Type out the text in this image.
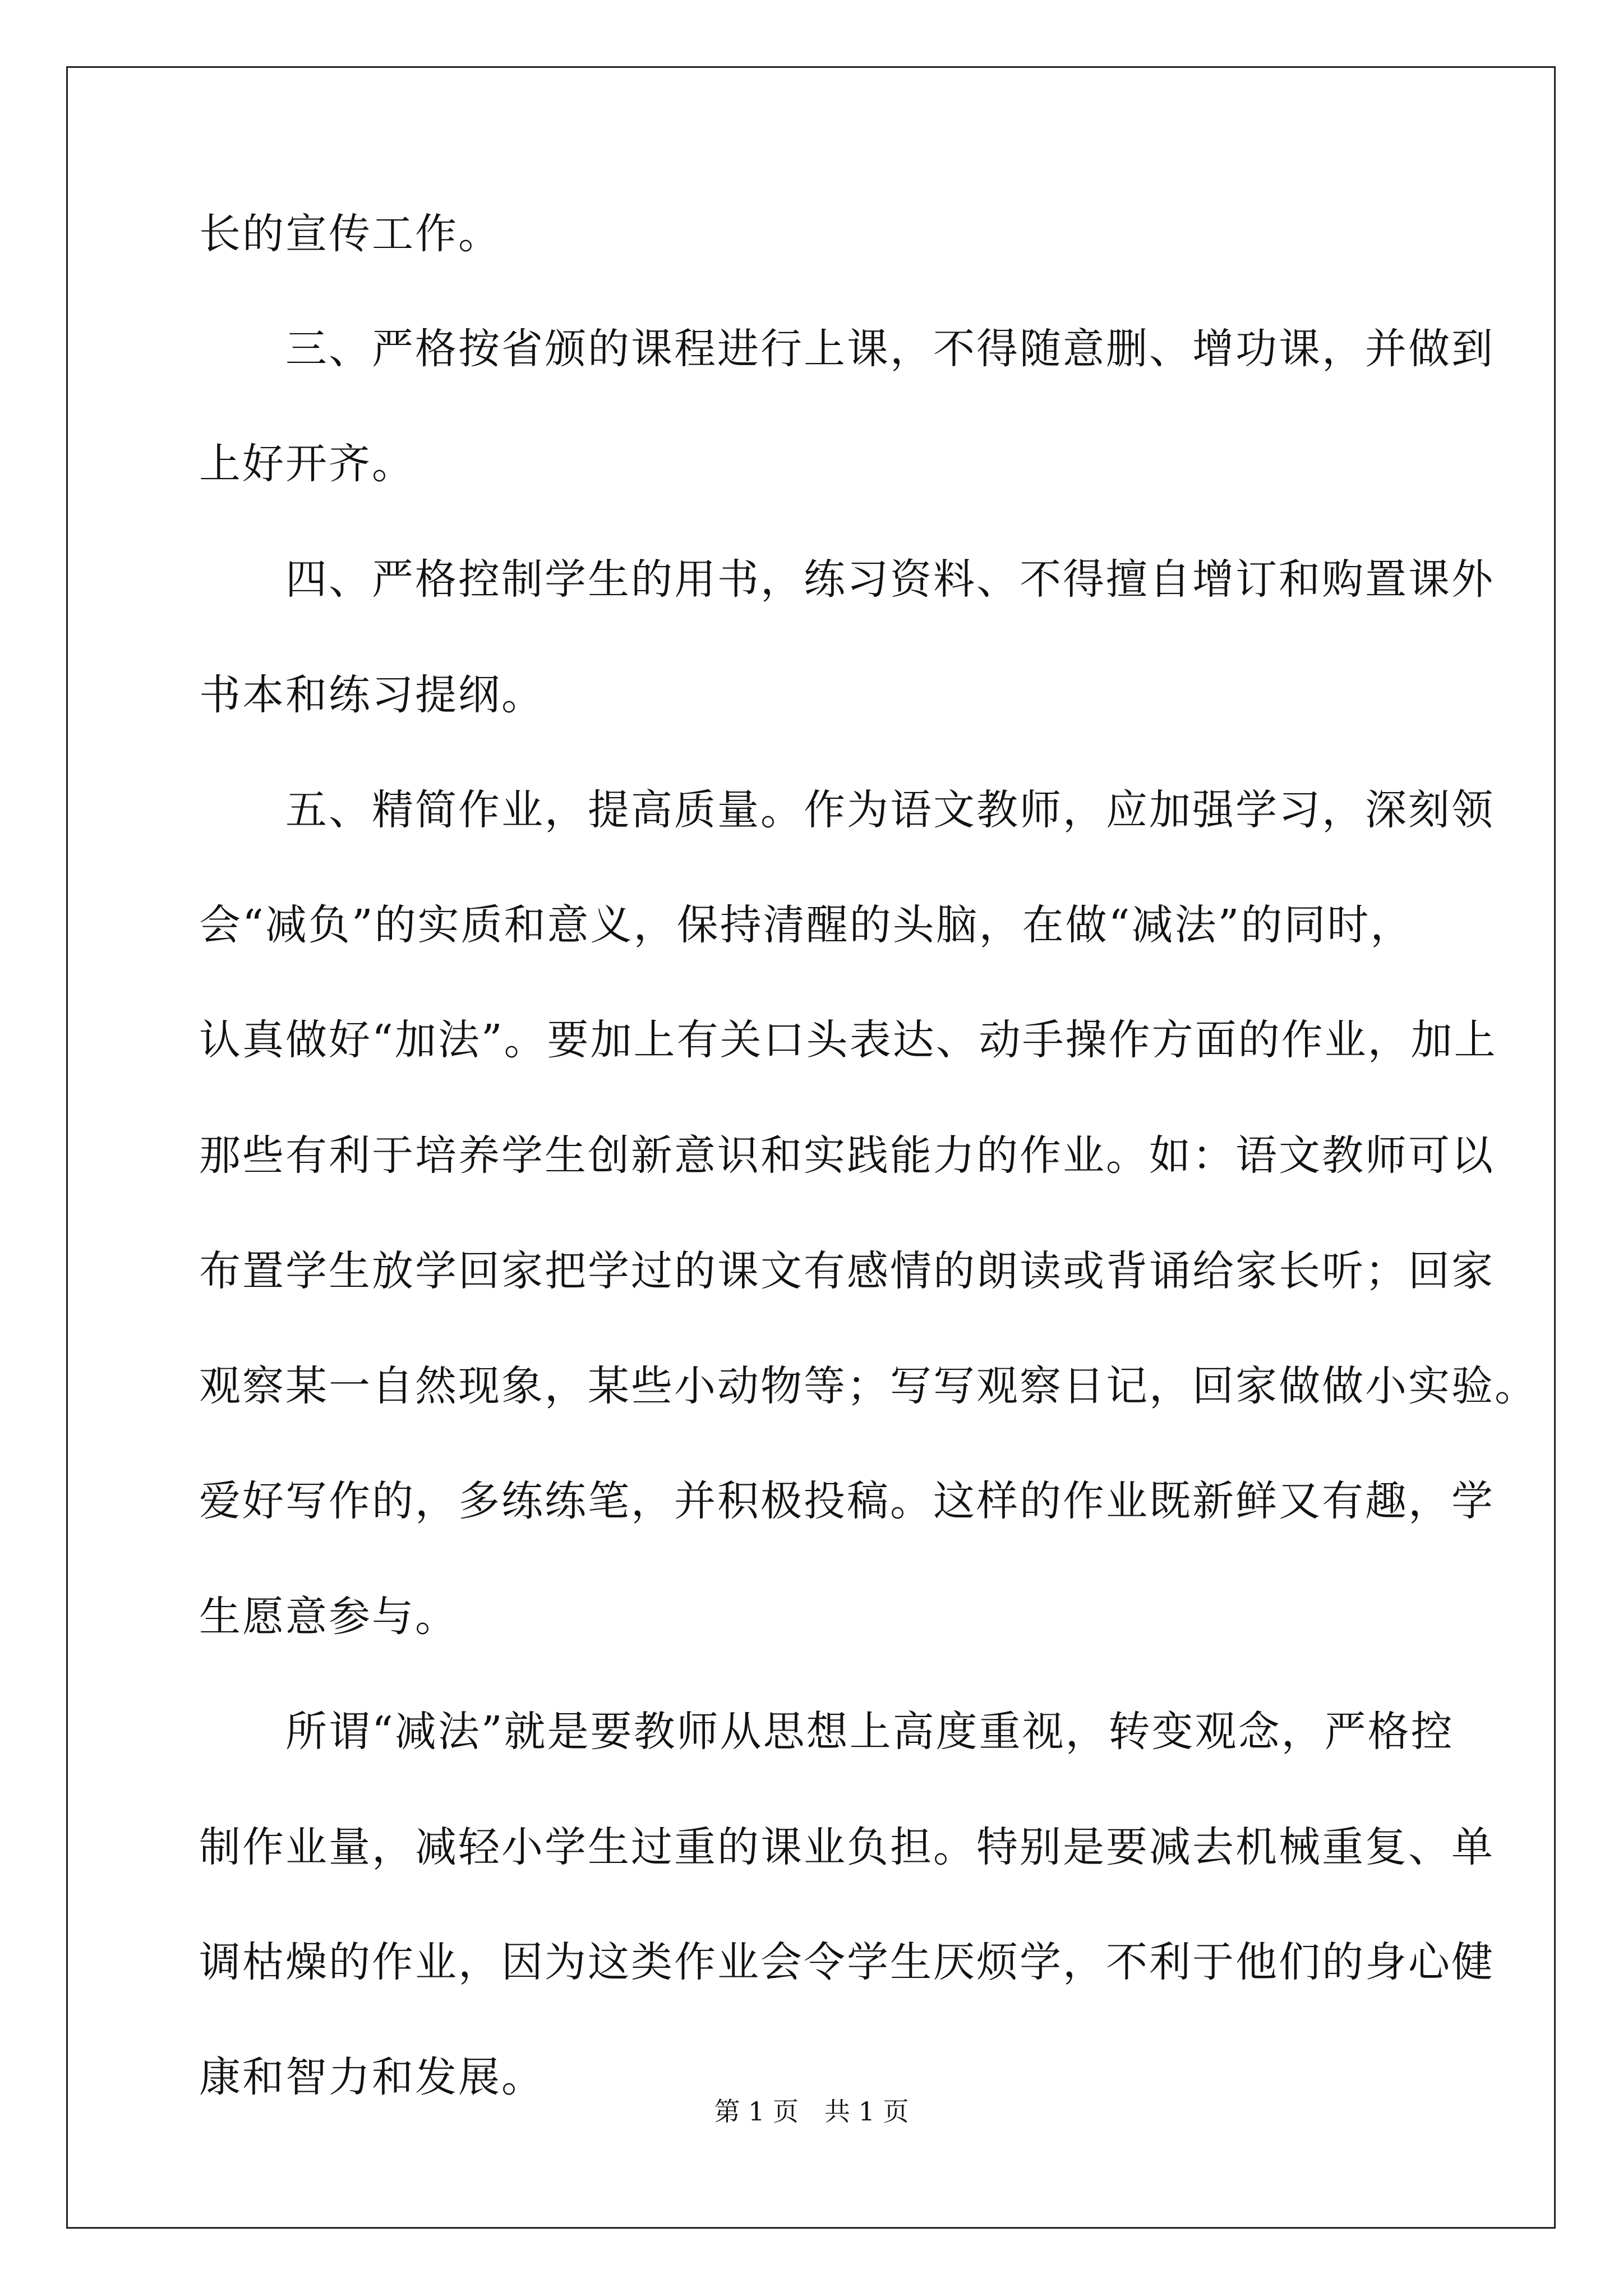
长的宣传工作。
　　三、严格按省颁的课程进行上课，不得随意删、增功课，并做到
上好开齐。
　　四、严格控制学生的用书，练习资料、不得擅自增订和购置课外
书本和练习提纲。
　　五、精简作业，提高质量。作为语文教师，应加强学习，深刻领
会“减负”的实质和意义，保持清醒的头脑，在做“减法”的同时，
认真做好“加法”。要加上有关口头表达、动手操作方面的作业，加上
那些有利于培养学生创新意识和实践能力的作业。如：语文教师可以
布置学生放学回家把学过的课文有感情的朗读或背诵给家长听；回家
观察某一自然现象，某些小动物等；写写观察日记，回家做做小实验。
爱好写作的，多练练笔，并积极投稿。这样的作业既新鲜又有趣，学
生愿意参与。
　　所谓“减法”就是要教师从思想上高度重视，转变观念，严格控
制作业量，减轻小学生过重的课业负担。特别是要减去机械重复、单
调枯燥的作业，因为这类作业会令学生厌烦学，不利于他们的身心健
康和智力和发展。
第 1 页　共 1 页
